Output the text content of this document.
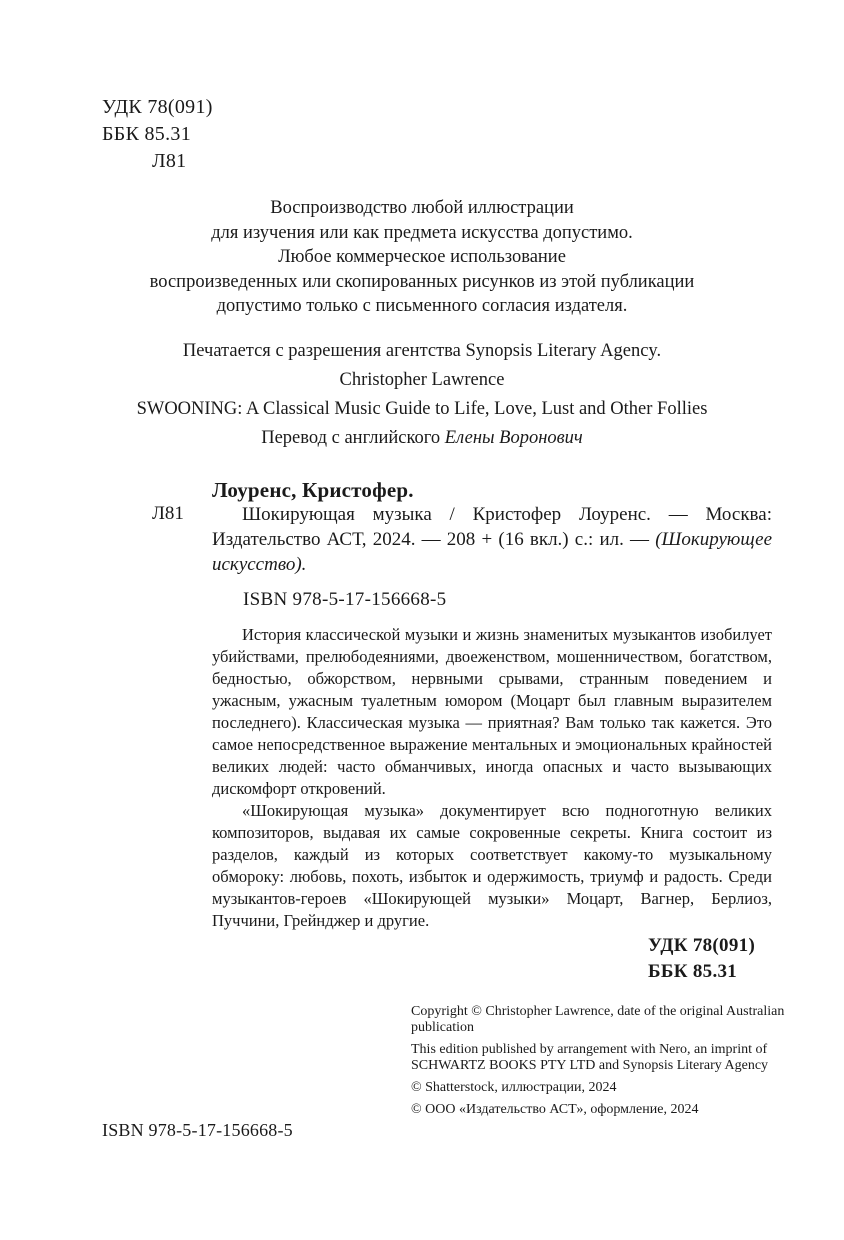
УДК 78(091)
ББК 85.31
Л81
Воспроизводство любой иллюстрации
для изучения или как предмета искусства допустимо.
Любое коммерческое использование
воспроизведенных или скопированных рисунков из этой публикации
допустимо только с письменного согласия издателя.
Печатается с разрешения агентства Synopsis Literary Agency.
Christopher Lawrence
SWOONING: A Classical Music Guide to Life, Love, Lust and Other Follies
Перевод с английского Елены Воронович
Лоуренс, Кристофер.
Л81	Шокирующая музыка / Кристофер Лоуренс. — Москва: Издательство АСТ, 2024. — 208 + (16 вкл.) с.: ил. — (Шокирующее искусство).
ISBN 978-5-17-156668-5

История классической музыки и жизнь знаменитых музыкантов изобилует убийствами, прелюбодеяниями, двоеженством, мошенничеством, богатством, бедностью, обжорством, нервными срывами, странным поведением и ужасным, ужасным туалетным юмором (Моцарт был главным выразителем последнего). Классическая музыка — приятная? Вам только так кажется. Это самое непосредственное выражение ментальных и эмоциональных крайностей великих людей: часто обманчивых, иногда опасных и часто вызывающих дискомфорт откровений.

«Шокирующая музыка» документирует всю подноготную великих композиторов, выдавая их самые сокровенные секреты. Книга состоит из разделов, каждый из которых соответствует какому-то музыкальному обмороку: любовь, похоть, избыток и одержимость, триумф и радость. Среди музыкантов-героев «Шокирующей музыки» Моцарт, Вагнер, Берлиоз, Пуччини, Грейнджер и другие.

УДК 78(091)
ББК 85.31

Copyright © Christopher Lawrence, date of the original Australian publication

This edition published by arrangement with Nero, an imprint of SCHWARTZ BOOKS PTY LTD and Synopsis Literary Agency

© Shatterstock, иллюстрации, 2024

© ООО «Издательство АСТ», оформление, 2024

ISBN 978-5-17-156668-5
